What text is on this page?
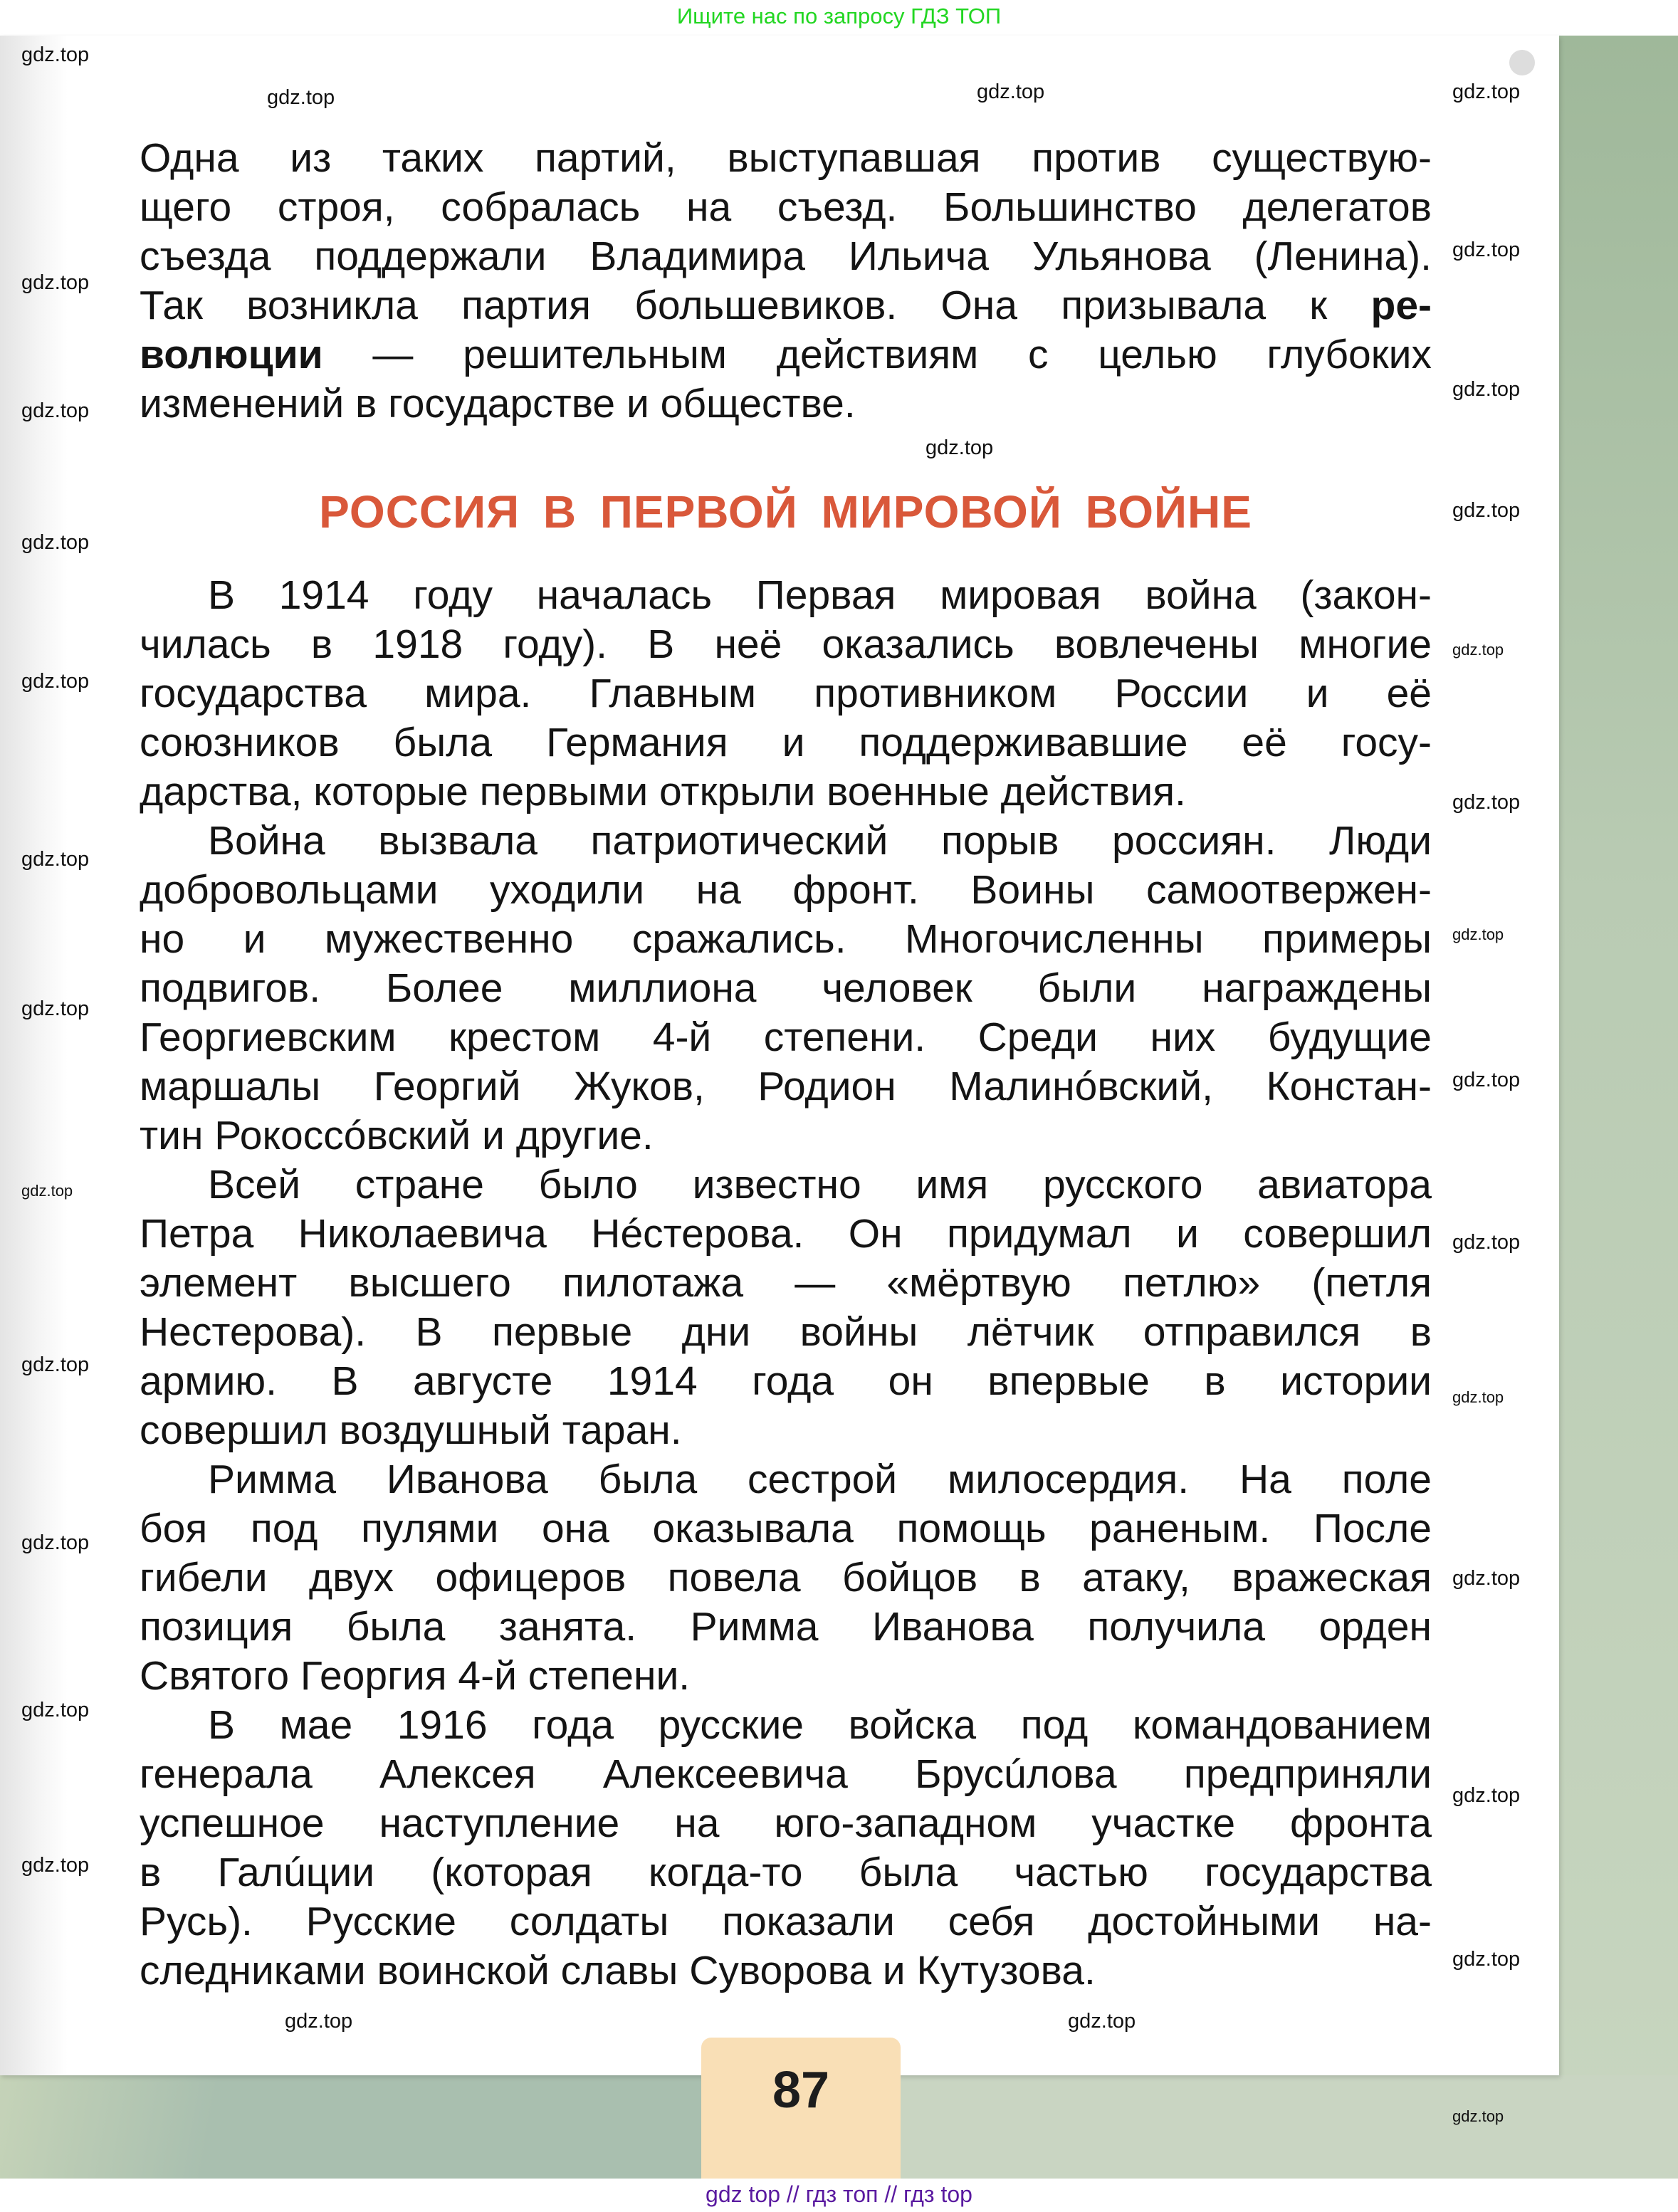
Ищите нас по запросу ГДЗ ТОП
Одна из таких партий, выступавшая против существую-
щего строя, собралась на съезд. Большинство делегатов
съезда поддержали Владимира Ильича Ульянова (Ленина).
Так возникла партия большевиков. Она призывала к ре-
волюции — решительным действиям с целью глубоких
изменений в государстве и обществе.
РОССИЯ В ПЕРВОЙ МИРОВОЙ ВОЙНЕ
В 1914 году началась Первая мировая война (закон-
чилась в 1918 году). В неё оказались вовлечены многие
государства мира. Главным противником России и её
союзников была Германия и поддерживавшие её госу-
дарства, которые первыми открыли военные действия.
Война вызвала патриотический порыв россиян. Люди
добровольцами уходили на фронт. Воины самоотвержен-
но и мужественно сражались. Многочисленны примеры
подвигов. Более миллиона человек были награждены
Георгиевским крестом 4-й степени. Среди них будущие
маршалы Георгий Жуков, Родион Малинóвский, Констан-
тин Рокоссóвский и другие.
Всей стране было известно имя русского авиатора
Петра Николаевича Нéстерова. Он придумал и совершил
элемент высшего пилотажа — «мёртвую петлю» (петля
Нестерова). В первые дни войны лётчик отправился в
армию. В августе 1914 года он впервые в истории
совершил воздушный таран.
Римма Иванова была сестрой милосердия. На поле
боя под пулями она оказывала помощь раненым. После
гибели двух офицеров повела бойцов в атаку, вражеская
позиция была занята. Римма Иванова получила орден
Святого Георгия 4-й степени.
В мае 1916 года русские войска под командованием
генерала Алексея Алексеевича Брусúлова предприняли
успешное наступление на юго-западном участке фронта
в Галúции (которая когда-то была частью государства
Русь). Русские солдаты показали себя достойными на-
следниками воинской славы Суворова и Кутузова.
87
gdz top // гдз топ // гдз top
gdz.top
gdz.top	gdz.top	gdz.top
gdz.top
gdz.top
gdz.top
gdz.top
gdz.top
gdz.top
gdz.top
gdz.top
gdz.top
gdz.top
gdz.top
gdz.top
gdz.top
gdz.top
gdz.top
gdz.top
gdz.top
gdz.top
gdz.top
gdz.top
gdz.top
gdz.top
gdz.top
gdz.top
gdz.top	gdz.top
gdz.top
